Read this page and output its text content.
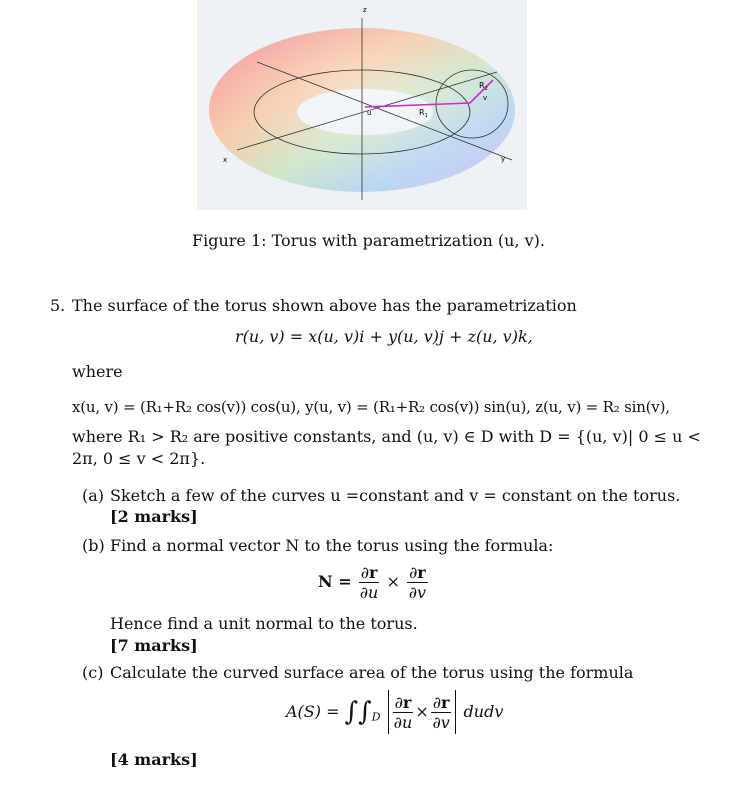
z
x	y
u
v
$R_1$
$R_2$
Figure 1: Torus with parametrization (u, v).
5. The surface of the torus shown above has the parametrization
r(u, v) = x(u, v)i + y(u, v)j + z(u, v)k,
where
x(u, v) = (R₁+R₂ cos(v)) cos(u), y(u, v) = (R₁+R₂ cos(v)) sin(u), z(u, v) = R₂ sin(v),
where R₁ > R₂ are positive constants, and (u, v) ∈ D with D = {(u, v)| 0 ≤ u <
2π, 0 ≤ v < 2π}.
(a) Sketch a few of the curves u =constant and v = constant on the torus.
[2 marks]
(b) Find a normal vector N to the torus using the formula:
$N = \frac{\partial r}{\partial u} \times \frac{\partial r}{\partial v}$
Hence find a unit normal to the torus.
[7 marks]
(c) Calculate the curved surface area of the torus using the formula
$A(S) = \int\int_D \frac{\partial r}{\partial u} \times \frac{\partial r}{\partial v}$ dudv
[4 marks]
